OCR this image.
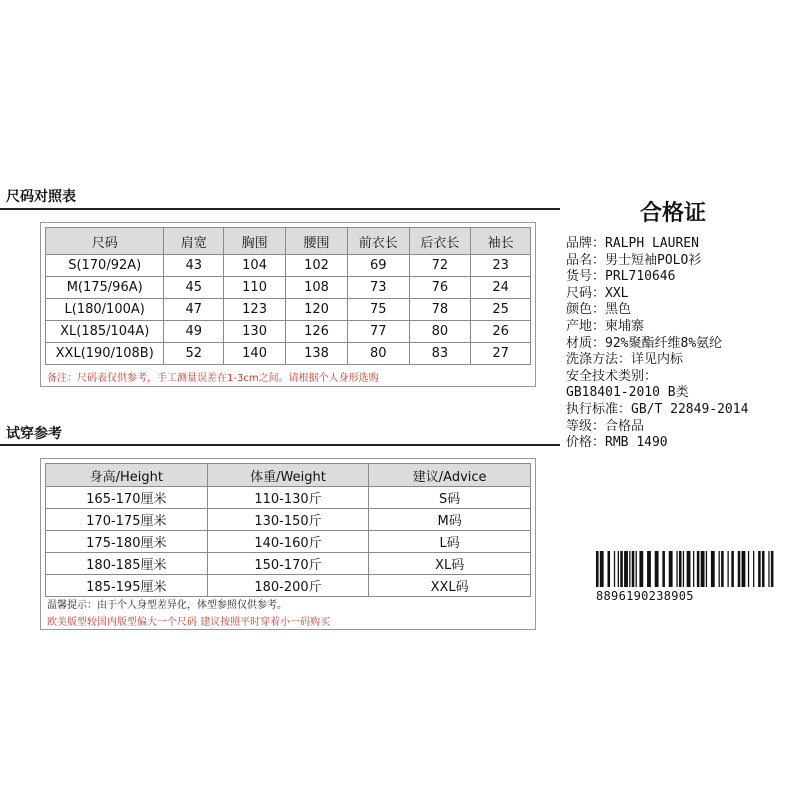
尺码对照表
尺码	肩宽	胸围	腰围	前衣长	后衣长	袖长
S(170/92A)	43	104	102	69	72	23
M(175/96A)	45	110	108	73	76	24
L(180/100A)	47	123	120	75	78	25
XL(185/104A)	49	130	126	77	80	26
XXL(190/108B)	52	140	138	80	83	27
备注：尺码表仅供参考，手工测量误差在1-3cm之间。请根据个人身形选购
试穿参考
身高/Height	体重/Weight	建议/Advice
165-170厘米	110-130斤	S码
170-175厘米	130-150斤	M码
175-180厘米	140-160斤	L码
180-185厘米	150-170斤	XL码
185-195厘米	180-200斤	XXL码
温馨提示：由于个人身型差异化，体型参照仅供参考。
欧美版型较国内版型偏大一个尺码 建议按照平时穿着小一码购买
合格证
品牌：RALPH LAUREN
品名：男士短袖POLO衫
货号：PRL710646
尺码：XXL
颜色：黑色
产地：柬埔寨
材质：92%聚酯纤维8%氨纶
洗涤方法：详见内标
安全技术类别：
GB18401-2010 B类
执行标准：GB/T 22849-2014
等级：合格品
价格：RMB 1490
8896190238905
